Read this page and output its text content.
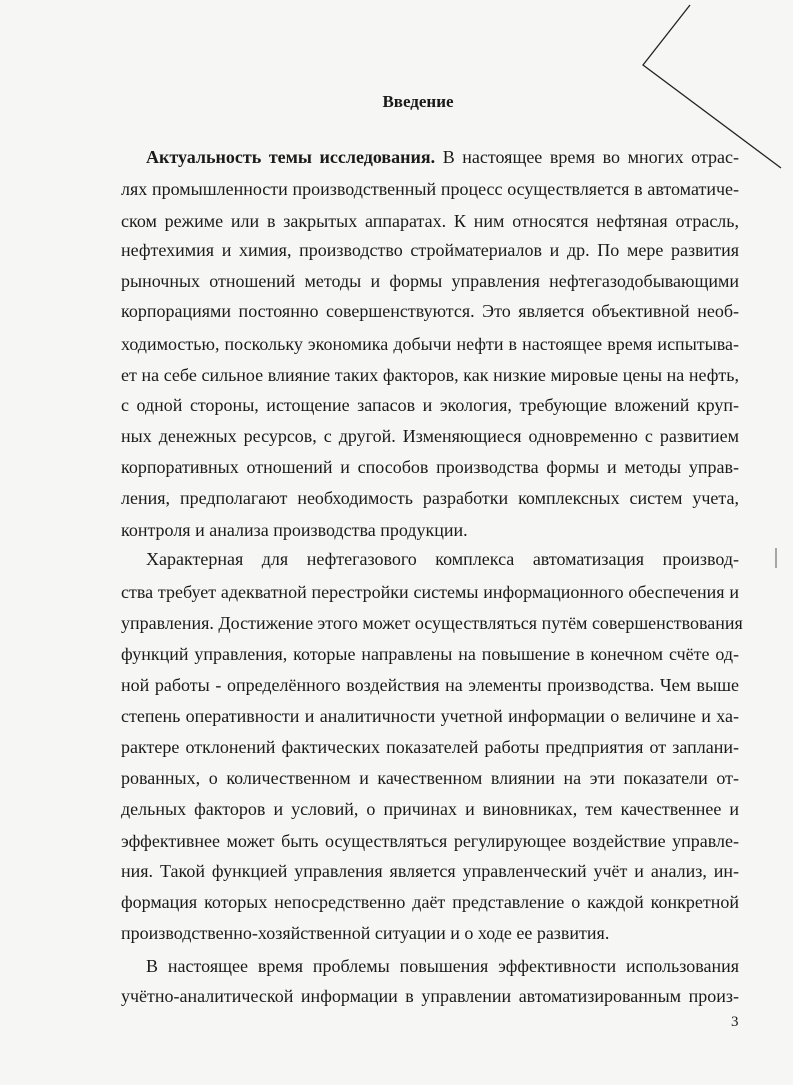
Введение
Актуальность темы исследования. В настоящее время во многих отрас-
лях промышленности производственный процесс осуществляется в автоматиче-
ском режиме или в закрытых аппаратах. К ним относятся нефтяная отрасль,
нефтехимия и химия, производство стройматериалов и др. По мере развития
рыночных отношений методы и формы управления нефтегазодобывающими
корпорациями постоянно совершенствуются. Это является объективной необ-
ходимостью, поскольку экономика добычи нефти в настоящее время испытыва-
ет на себе сильное влияние таких факторов, как низкие мировые цены на нефть,
с одной стороны, истощение запасов и экология, требующие вложений круп-
ных денежных ресурсов, с другой. Изменяющиеся одновременно с развитием
корпоративных отношений и способов производства формы и методы управ-
ления, предполагают необходимость разработки комплексных систем учета,
контроля и анализа производства продукции.
Характерная для нефтегазового комплекса автоматизация производ-
ства требует адекватной перестройки системы информационного обеспечения и
управления. Достижение этого может осуществляться путём совершенствования
функций управления, которые направлены на повышение в конечном счёте од-
ной работы - определённого воздействия на элементы производства. Чем выше
степень оперативности и аналитичности учетной информации о величине и ха-
рактере отклонений фактических показателей работы предприятия от заплани-
рованных, о количественном и качественном влиянии на эти показатели от-
дельных факторов и условий, о причинах и виновниках, тем качественнее и
эффективнее может быть осуществляться регулирующее воздействие управле-
ния. Такой функцией управления является управленческий учёт и анализ, ин-
формация которых непосредственно даёт представление о каждой конкретной
производственно-хозяйственной ситуации и о ходе ее развития.
В настоящее время проблемы повышения эффективности использования
учётно-аналитической информации в управлении автоматизированным произ-
3
